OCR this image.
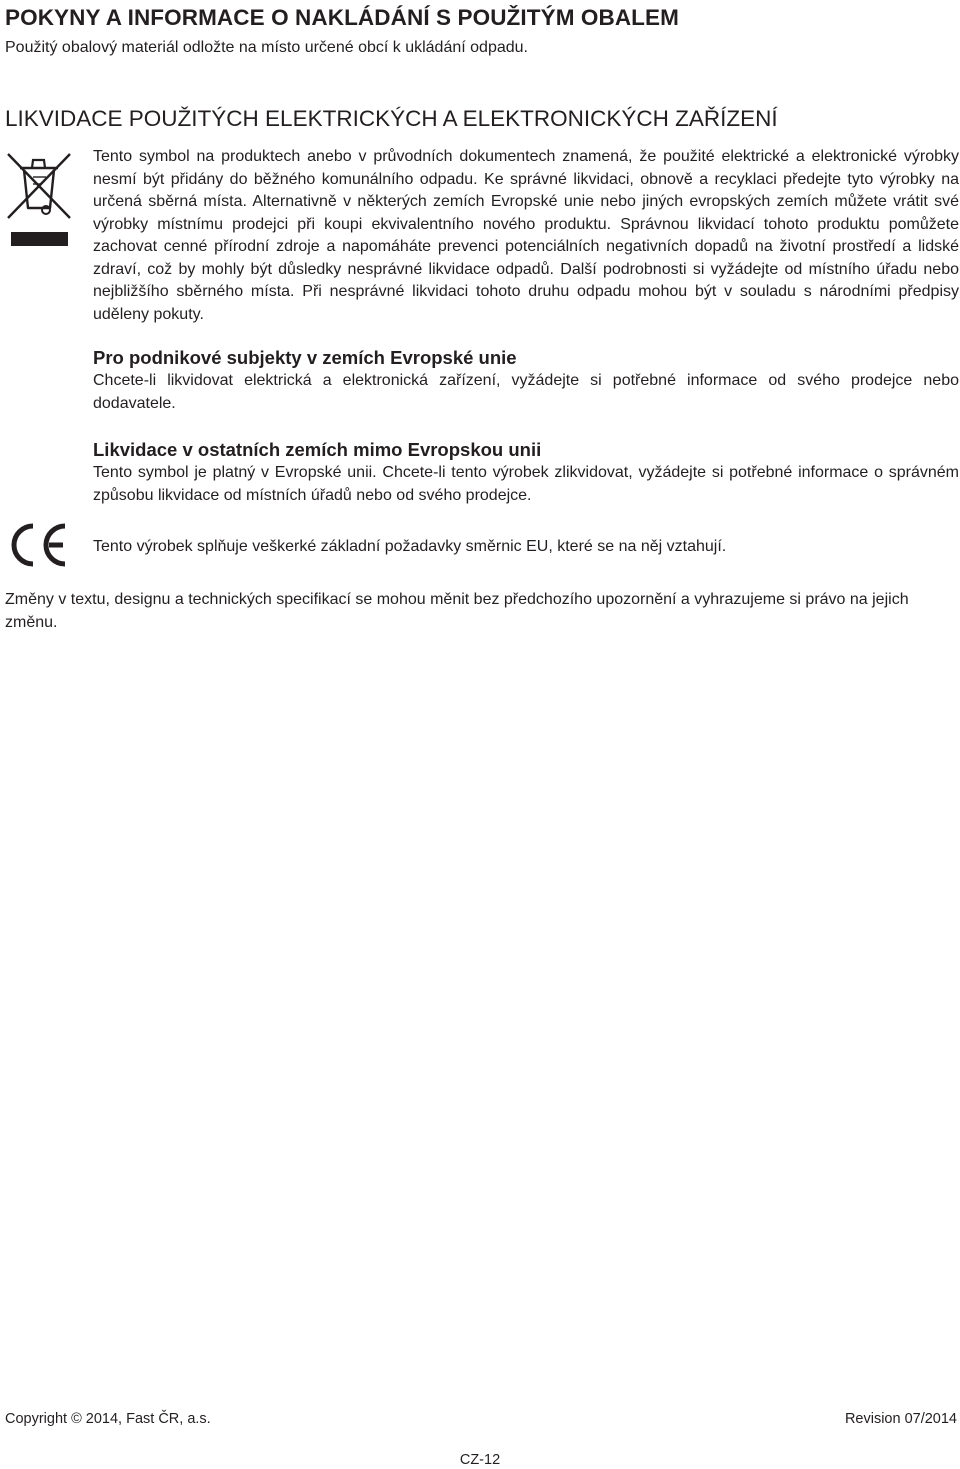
POKYNY A INFORMACE O NAKLÁDÁNÍ S POUŽITÝM OBALEM
Použitý obalový materiál odložte na místo určené obcí k ukládání odpadu.
LIKVIDACE POUŽITÝCH ELEKTRICKÝCH A ELEKTRONICKÝCH ZAŘÍZENÍ
Tento symbol na produktech anebo v průvodních dokumentech znamená, že použité elektrické a elektronické výrobky nesmí být přidány do běžného komunálního odpadu. Ke správné likvidaci, obnově a recyklaci předejte tyto výrobky na určená sběrná místa. Alternativně v některých zemích Evropské unie nebo jiných evropských zemích můžete vrátit své výrobky místnímu prodejci při koupi ekvivalentního nového produktu. Správnou likvidací tohoto produktu pomůžete zachovat cenné přírodní zdroje a napomáháte prevenci potenciálních negativních dopadů na životní prostředí a lidské zdraví, což by mohly být důsledky nesprávné likvidace odpadů. Další podrobnosti si vyžádejte od místního úřadu nebo nejbližšího sběrného místa. Při nesprávné likvidaci tohoto druhu odpadu mohou být v souladu s národními předpisy uděleny pokuty.
Pro podnikové subjekty v zemích Evropské unie
Chcete-li likvidovat elektrická a elektronická zařízení, vyžádejte si potřebné informace od svého prodejce nebo dodavatele.
Likvidace v ostatních zemích mimo Evropskou unii
Tento symbol je platný v Evropské unii. Chcete-li tento výrobek zlikvidovat, vyžádejte si potřebné informace o správném způsobu likvidace od místních úřadů nebo od svého prodejce.
Tento výrobek splňuje veškerké základní požadavky směrnic EU, které se na něj vztahují.
Změny v textu, designu a technických specifikací se mohou měnit bez předchozího upozornění a vyhrazujeme si právo na jejich změnu.
Copyright © 2014, Fast ČR, a.s.	Revision 07/2014
CZ-12
